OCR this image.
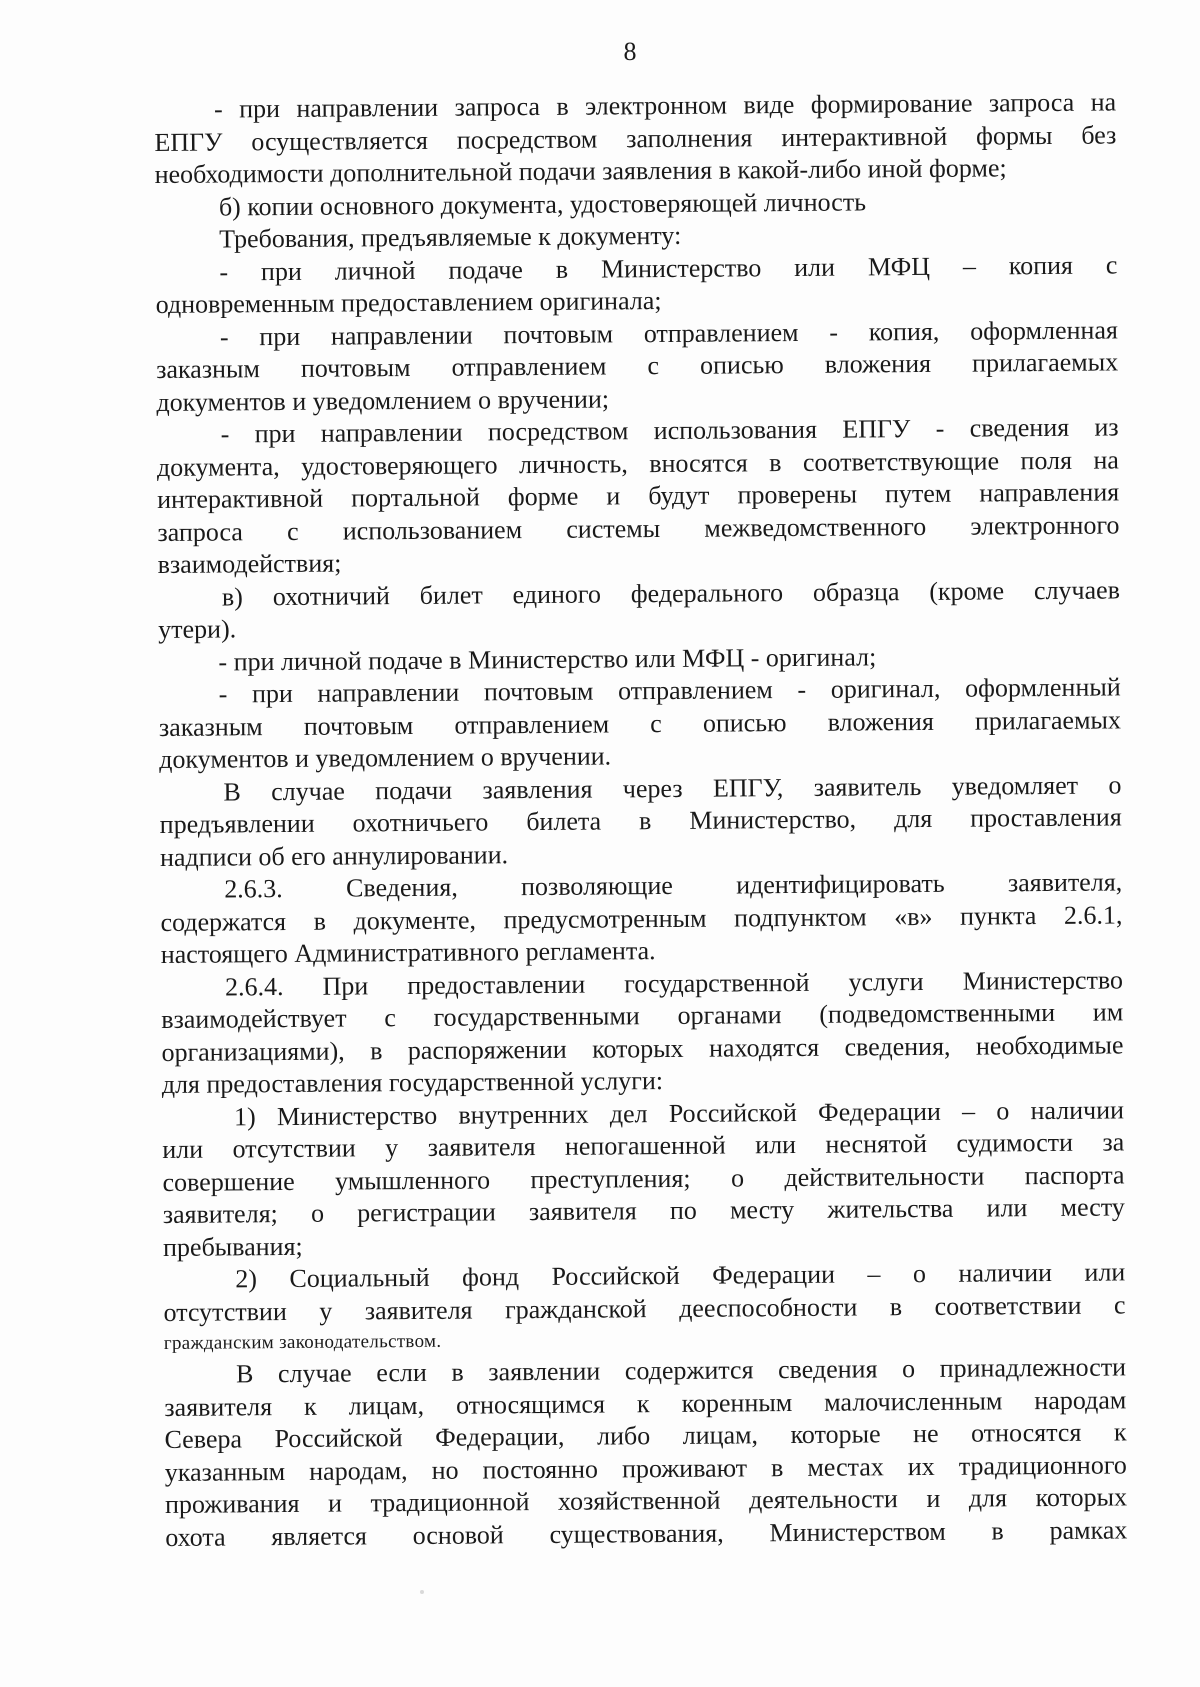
8
- при направлении запроса в электронном виде формирование запроса на
ЕПГУ осуществляется посредством заполнения интерактивной формы без
необходимости дополнительной подачи заявления в какой-либо иной форме;
б) копии основного документа, удостоверяющей личность
Требования, предъявляемые к документу:
- при личной подаче в Министерство или МФЦ – копия с
одновременным предоставлением оригинала;
- при направлении почтовым отправлением - копия, оформленная
заказным почтовым отправлением с описью вложения прилагаемых
документов и уведомлением о вручении;
- при направлении посредством использования ЕПГУ - сведения из
документа, удостоверяющего личность, вносятся в соответствующие поля на
интерактивной портальной форме и будут проверены путем направления
запроса с использованием системы межведомственного электронного
взаимодействия;
в) охотничий билет единого федерального образца (кроме случаев
утери).
- при личной подаче в Министерство или МФЦ - оригинал;
- при направлении почтовым отправлением - оригинал, оформленный
заказным почтовым отправлением с описью вложения прилагаемых
документов и уведомлением о вручении.
В случае подачи заявления через ЕПГУ, заявитель уведомляет о
предъявлении охотничьего билета в Министерство, для проставления
надписи об его аннулировании.
2.6.3. Сведения, позволяющие идентифицировать заявителя,
содержатся в документе, предусмотренным подпунктом «в» пункта 2.6.1,
настоящего Административного регламента.
2.6.4. При предоставлении государственной услуги Министерство
взаимодействует с государственными органами (подведомственными им
организациями), в распоряжении которых находятся сведения, необходимые
для предоставления государственной услуги:
1) Министерство внутренних дел Российской Федерации – о наличии
или отсутствии у заявителя непогашенной или неснятой судимости за
совершение умышленного преступления; о действительности паспорта
заявителя; о регистрации заявителя по месту жительства или месту
пребывания;
2) Социальный фонд Российской Федерации – о наличии или
отсутствии у заявителя гражданской дееспособности в соответствии с
гражданским законодательством.
В случае если в заявлении содержится сведения о принадлежности
заявителя к лицам, относящимся к коренным малочисленным народам
Севера Российской Федерации, либо лицам, которые не относятся к
указанным народам, но постоянно проживают в местах их традиционного
проживания и традиционной хозяйственной деятельности и для которых
охота является основой существования, Министерством в рамках
